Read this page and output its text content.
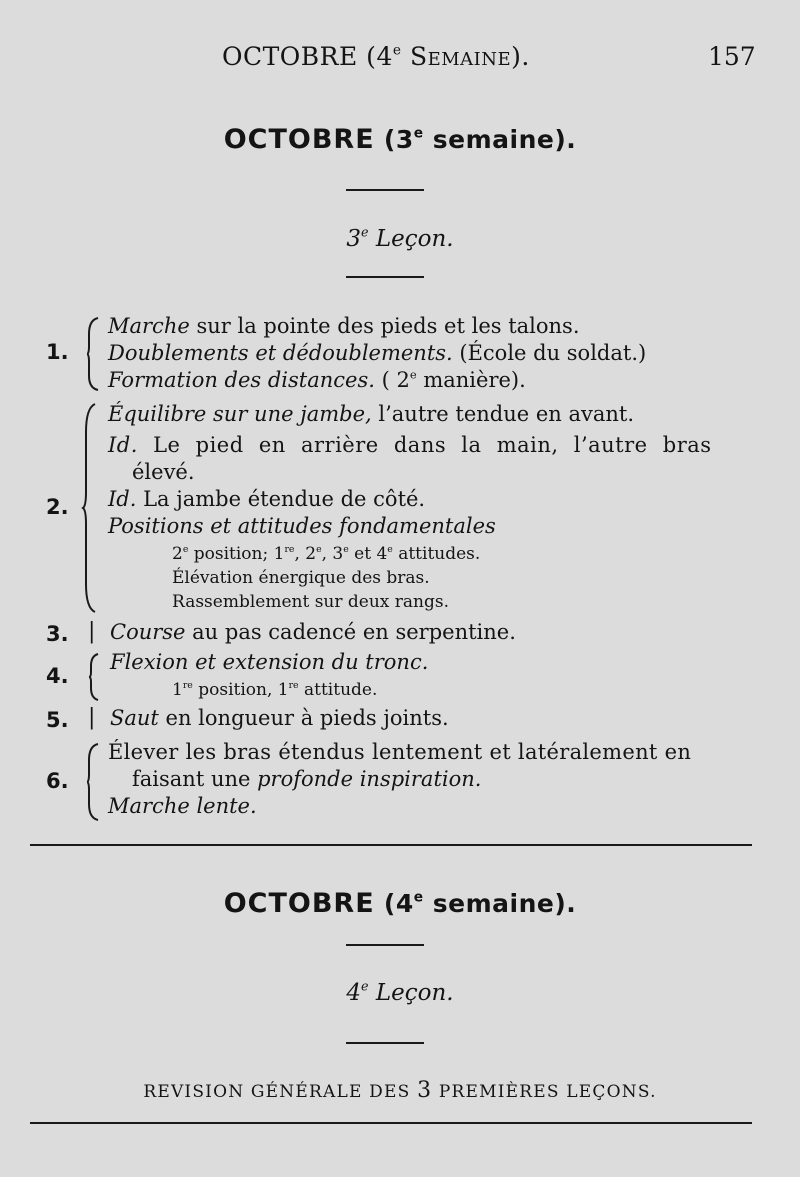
OCTOBRE (4e Semaine).	157
OCTOBRE (3e semaine).
3e Leçon.
1.
Marche sur la pointe des pieds et les talons.
Doublements et dédoublements. (École du soldat.)
Formation des distances. ( 2e manière).
2.
Équilibre sur une jambe, l’autre tendue en avant.
Id. Le pied en arrière dans la main, l’autre bras
élevé.
Id. La jambe étendue de côté.
Positions et attitudes fondamentales
2e position; 1re, 2e, 3e et 4e attitudes.
Élévation énergique des bras.
Rassemblement sur deux rangs.
3. | Course au pas cadencé en serpentine.
4.
Flexion et extension du tronc.
1re position, 1re attitude.
5. | Saut en longueur à pieds joints.
6.
Élever les bras étendus lentement et latéralement en
faisant une profonde inspiration.
Marche lente.
OCTOBRE (4e semaine).
4e Leçon.
REVISION GÉNÉRALE DES 3 PREMIÈRES LEÇONS.
